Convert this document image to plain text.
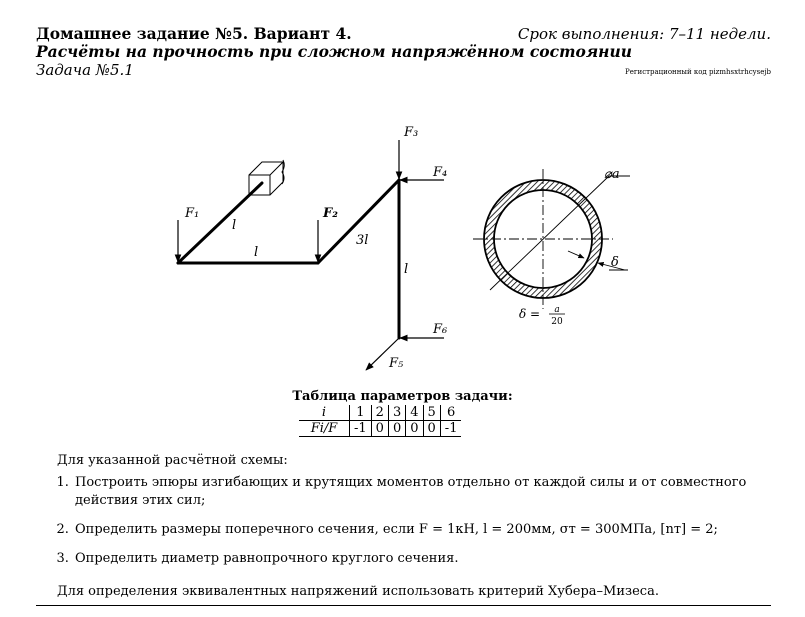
Домашнее задание №5. Вариант 4.	Срок выполнения: 7–11 недели.
Расчёты на прочность при сложном напряжённом состоянии
Задача №5.1	Регистрационный код pizmhsxtrhcysejb
F₁	F₂
F₃
F₄
F₅
F₆
l
l
3l
l
⌀a
δ
δ = a
20
Таблица параметров задачи:
i	1	2	3	4	5	6
Fi/F	-1	0	0	0	0	-1
Для указанной расчётной схемы:
1. Построить эпюры изгибающих и крутящих моментов отдельно от каждой силы и от совместного действия этих сил;
2. Определить размеры поперечного сечения, если F = 1кН, l = 200мм, σт = 300МПа, [nт] = 2;
3. Определить диаметр равнопрочного круглого сечения.
Для определения эквивалентных напряжений использовать критерий Хубера–Мизеса.
